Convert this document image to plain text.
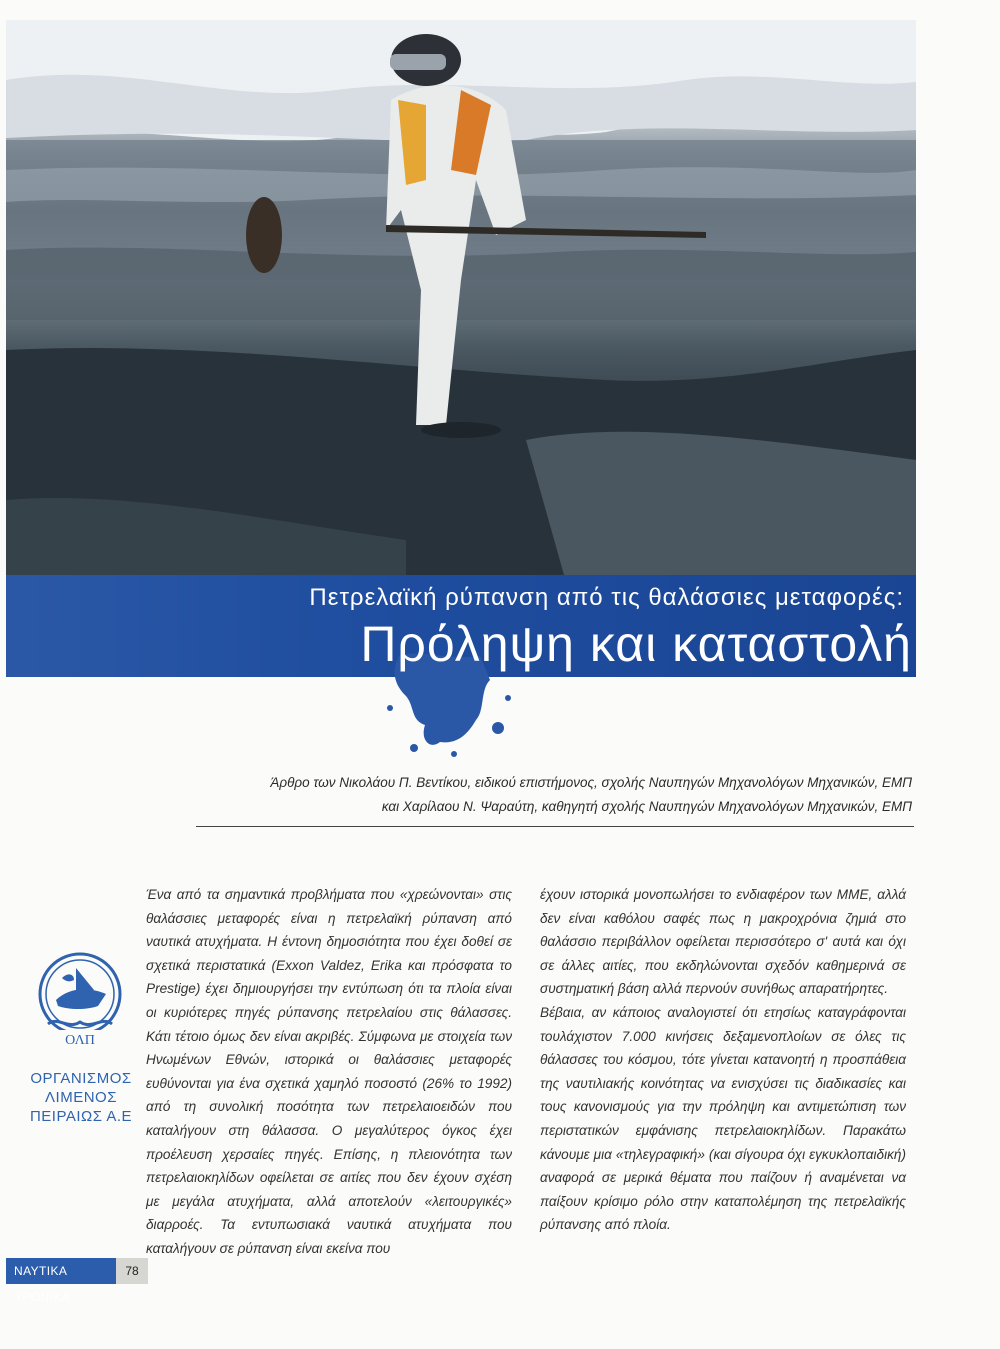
Πετρελαϊκή ρύπανση από τις θαλάσσιες μεταφορές:
Πρόληψη και καταστολή
Άρθρο των Νικολάου Π. Βεντίκου, ειδικού επιστήμονος, σχολής Ναυπηγών Μηχανολόγων Μηχανικών, ΕΜΠ
και Χαρίλαου Ν. Ψαραύτη, καθηγητή σχολής Ναυπηγών Μηχανολόγων Μηχανικών, ΕΜΠ
ΟΛΠ
ΟΡΓΑΝΙΣΜΟΣ
ΛΙΜΕΝΟΣ
ΠΕΙΡΑΙΩΣ Α.Ε

Ένα από τα σημαντικά προβλήματα που «χρεώνονται» στις θαλάσσιες μεταφορές είναι η πετρελαϊκή ρύπανση από ναυτικά ατυχήματα. Η έντονη δημοσιότητα που έχει δοθεί σε σχετικά περιστατικά (Exxon Valdez, Erika και πρόσφατα το Prestige) έχει δημιουργήσει την εντύπωση ότι τα πλοία είναι οι κυριότερες πηγές ρύπανσης πετρελαίου στις θάλασσες. Κάτι τέτοιο όμως δεν είναι ακριβές. Σύμφωνα με στοιχεία των Ηνωμένων Εθνών, ιστορικά οι θαλάσσιες μεταφορές ευθύνονται για ένα σχετικά χαμηλό ποσοστό (26% το 1992) από τη συνολική ποσότητα των πετρελαιοειδών που καταλήγουν στη θάλασσα. Ο μεγαλύτερος όγκος έχει προέλευση χερσαίες πηγές. Επίσης, η πλειονότητα των πετρελαιοκηλίδων οφείλεται σε αιτίες που δεν έχουν σχέση με μεγάλα ατυχήματα, αλλά αποτελούν «λειτουργικές» διαρροές. Τα εντυπωσιακά ναυτικά ατυχήματα που καταλήγουν σε ρύπανση είναι εκείνα που

έχουν ιστορικά μονοπωλήσει το ενδιαφέρον των ΜΜΕ, αλλά δεν είναι καθόλου σαφές πως η μακροχρόνια ζημιά στο θαλάσσιο περιβάλλον οφείλεται περισσότερο σ' αυτά και όχι σε άλλες αιτίες, που εκδηλώνονται σχεδόν καθημερινά σε συστηματική βάση αλλά περνούν συνήθως απαρατήρητες.

Βέβαια, αν κάποιος αναλογιστεί ότι ετησίως καταγράφονται τουλάχιστον 7.000 κινήσεις δεξαμενοπλοίων σε όλες τις θάλασσες του κόσμου, τότε γίνεται κατανοητή η προσπάθεια της ναυτιλιακής κοινότητας να ενισχύσει τις διαδικασίες και τους κανονισμούς για την πρόληψη και αντιμετώπιση των περιστατικών εμφάνισης πετρελαιοκηλίδων. Παρακάτω κάνουμε μια «τηλεγραφική» (και σίγουρα όχι εγκυκλοπαιδική) αναφορά σε μερικά θέματα που παίζουν ή αναμένεται να παίξουν κρίσιμο ρόλο στην καταπολέμηση της πετρελαϊκής ρύπανσης από πλοία.

ΝΑΥΤΙΚΑ ΧΡΟΝΙΚΑ
78
